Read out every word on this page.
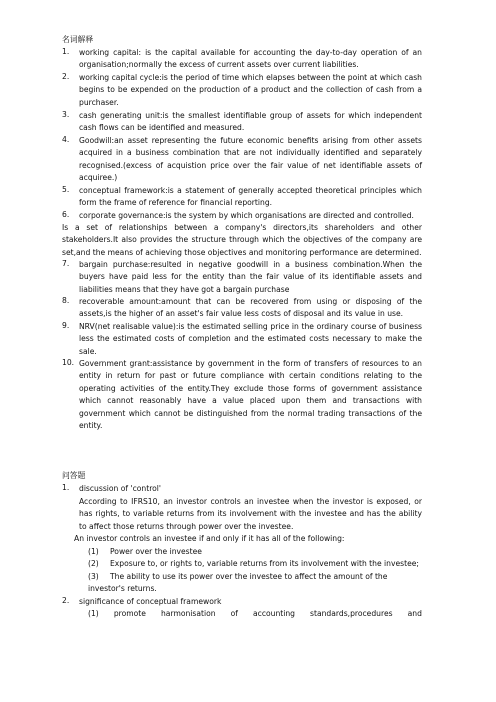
名词解释
1.	working capital: is the capital available for accounting the day-to-day operation of an organisation;normally the excess of current assets over current liabilities.
2.	working capital cycle:is the period of time which elapses between the point at which cash begins to be expended on the production of a product and the collection of cash from a purchaser.
3.	cash generating unit:is the smallest identifiable group of assets for which independent cash flows can be identified and measured.
4.	Goodwill:an asset representing the future economic benefits arising from other assets acquired in a business combination that are not individually identified and separately recognised.(excess of acquistion price over the fair value of net identifiable assets of acquiree.)
5.	conceptual framework:is a statement of generally accepted theoretical principles which form the frame of reference for financial reporting.
6.	corporate governance:is the system by which organisations are directed and controlled.
Is a set of relationships between a company's directors,its shareholders and other stakeholders.It also provides the structure through which the objectives of the company are set,and the means of achieving those objectives and monitoring performance are determined.
7.	bargain purchase:resulted in negative goodwill in a business combination.When the buyers have paid less for the entity than the fair value of its identifiable assets and liabilities means that they have got a bargain purchase
8.	recoverable amount:amount that can be recovered from using or disposing of the assets,is the higher of an asset's fair value less costs of disposal and its value in use.
9.	NRV(net realisable value):is the estimated selling price in the ordinary course of business less the estimated costs of completion and the estimated costs necessary to make the sale.
10. Government grant:assistance by government in the form of transfers of resources to an entity in return for past or future compliance with certain conditions relating to the operating activities of the entity.They exclude those forms of government assistance which cannot reasonably have a value placed upon them and transactions with government which cannot be distinguished from the normal trading transactions of the entity.
问答题
1.	discussion of 'control'
According to IFRS10, an investor controls an investee when the investor is exposed, or has rights, to variable returns from its involvement with the investee and has the ability to affect those returns through power over the investee.
An investor controls an investee if and only if it has all of the following:
(1) Power over the investee
(2) Exposure to, or rights to, variable returns from its involvement with the investee;
(3) The ability to use its power over the investee to affect the amount of the investor's returns.
2.	significance of conceptual framework
(1) promote harmonisation of accounting standards,procedures and
